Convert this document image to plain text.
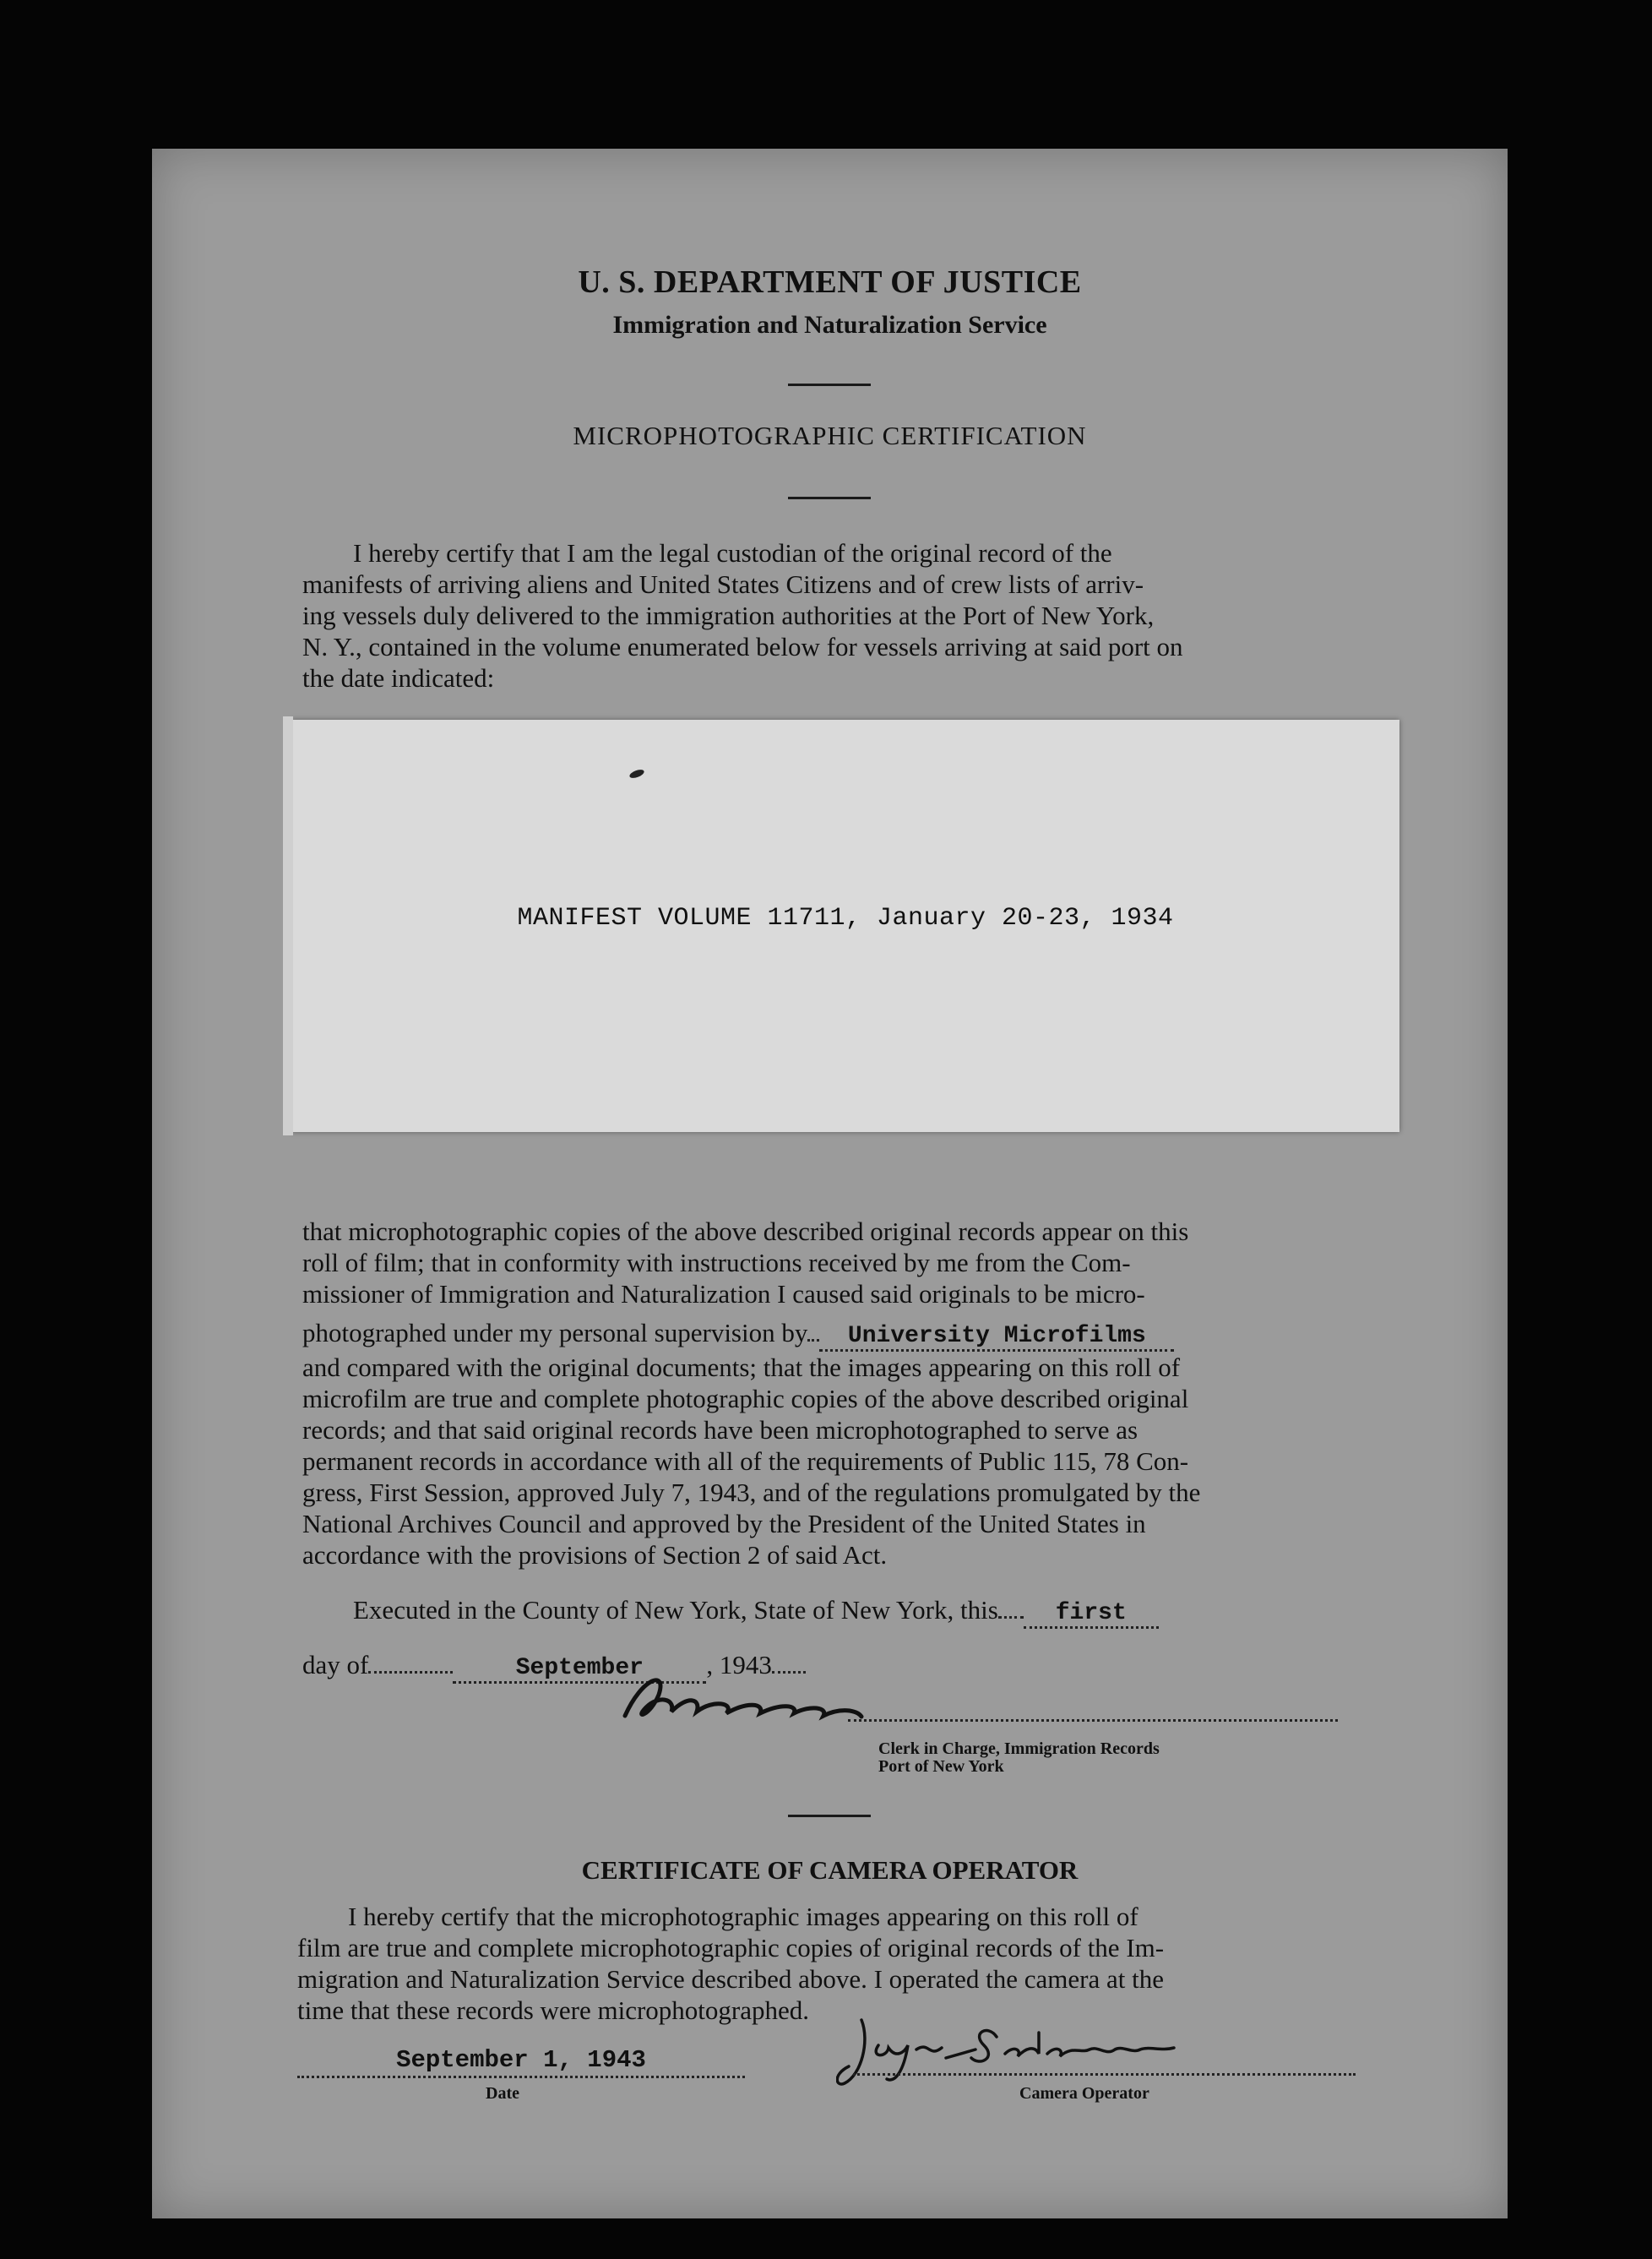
U. S. DEPARTMENT OF JUSTICE
Immigration and Naturalization Service
MICROPHOTOGRAPHIC CERTIFICATION
I hereby certify that I am the legal custodian of the original record of the
manifests of arriving aliens and United States Citizens and of crew lists of arriv-
ing vessels duly delivered to the immigration authorities at the Port of New York,
N. Y., contained in the volume enumerated below for vessels arriving at said port on
the date indicated:
MANIFEST VOLUME 11711, January 20-23, 1934
that microphotographic copies of the above described original records appear on this
roll of film; that in conformity with instructions received by me from the Com-
missioner of Immigration and Naturalization I caused said originals to be micro-
photographed under my personal supervision by University Microfilms
and compared with the original documents; that the images appearing on this roll of
microfilm are true and complete photographic copies of the above described original
records; and that said original records have been microphotographed to serve as
permanent records in accordance with all of the requirements of Public 115, 78 Con-
gress, First Session, approved July 7, 1943, and of the regulations promulgated by the
National Archives Council and approved by the President of the United States in
accordance with the provisions of Section 2 of said Act.
Executed in the County of New York, State of New York, this first
day of	September , 1943
Clerk in Charge, Immigration Records
Port of New York
CERTIFICATE OF CAMERA OPERATOR
I hereby certify that the microphotographic images appearing on this roll of
film are true and complete microphotographic copies of original records of the Im-
migration and Naturalization Service described above. I operated the camera at the
time that these records were microphotographed.
September 1, 1943
Date	Camera Operator
